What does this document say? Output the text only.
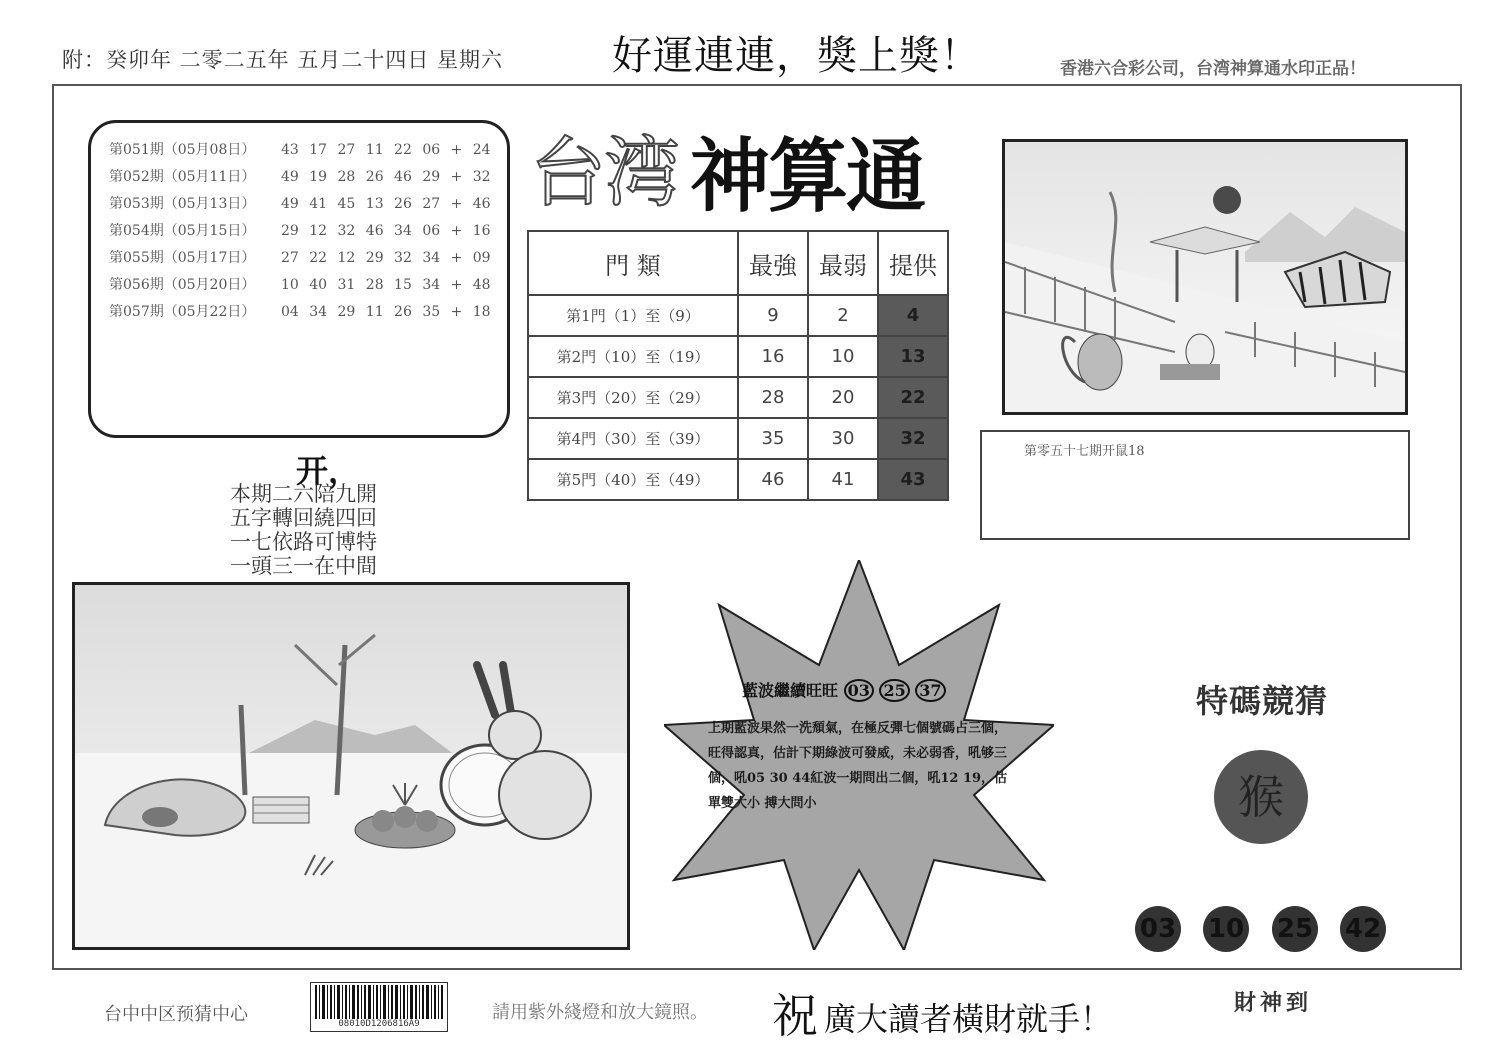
附：癸卯年 二零二五年 五月二十四日 星期六	好運連連，獎上獎！	香港六合彩公司，台湾神算通水印正品！
第051期（05月08日） 43 17 27 11 22 06 + 24
第052期（05月11日） 49 19 28 26 46 29 + 32
第053期（05月13日） 49 41 45 13 26 27 + 46
第054期（05月15日） 29 12 32 46 34 06 + 16
第055期（05月17日） 27 22 12 29 32 34 + 09
第056期（05月20日） 10 40 31 28 15 34 + 48
第057期（05月22日） 04 34 29 11 26 35 + 18
台湾 神算通
門 類	最強	最弱	提供
第1門（1）至（9）	9	2	4
第2門（10）至（19）	16	10	13
第3門（20）至（29）	28	20	22
第4門（30）至（39）	35	30	32
第5門（40）至（49）	46	41	43
第零五十七期开鼠18
开，
本期二六陪九開
五字轉回繞四回
一七依路可博特
一頭三一在中間
藍波繼續旺旺 03 25 37
上期藍波果然一洗頹氣，在極反彈七個號碼占三個，旺得認真，估計下期綠波可發威，未必弱香，吼够三個，吼05 30 44紅波一期問出二個，吼12 19，估單雙大小 搏大問小
特碼競猜
猴
03 10 25 42
台中中区预猜中心	08010D1206816A9
請用紫外綫燈和放大鏡照。 祝 廣大讀者橫財就手！	財神到
